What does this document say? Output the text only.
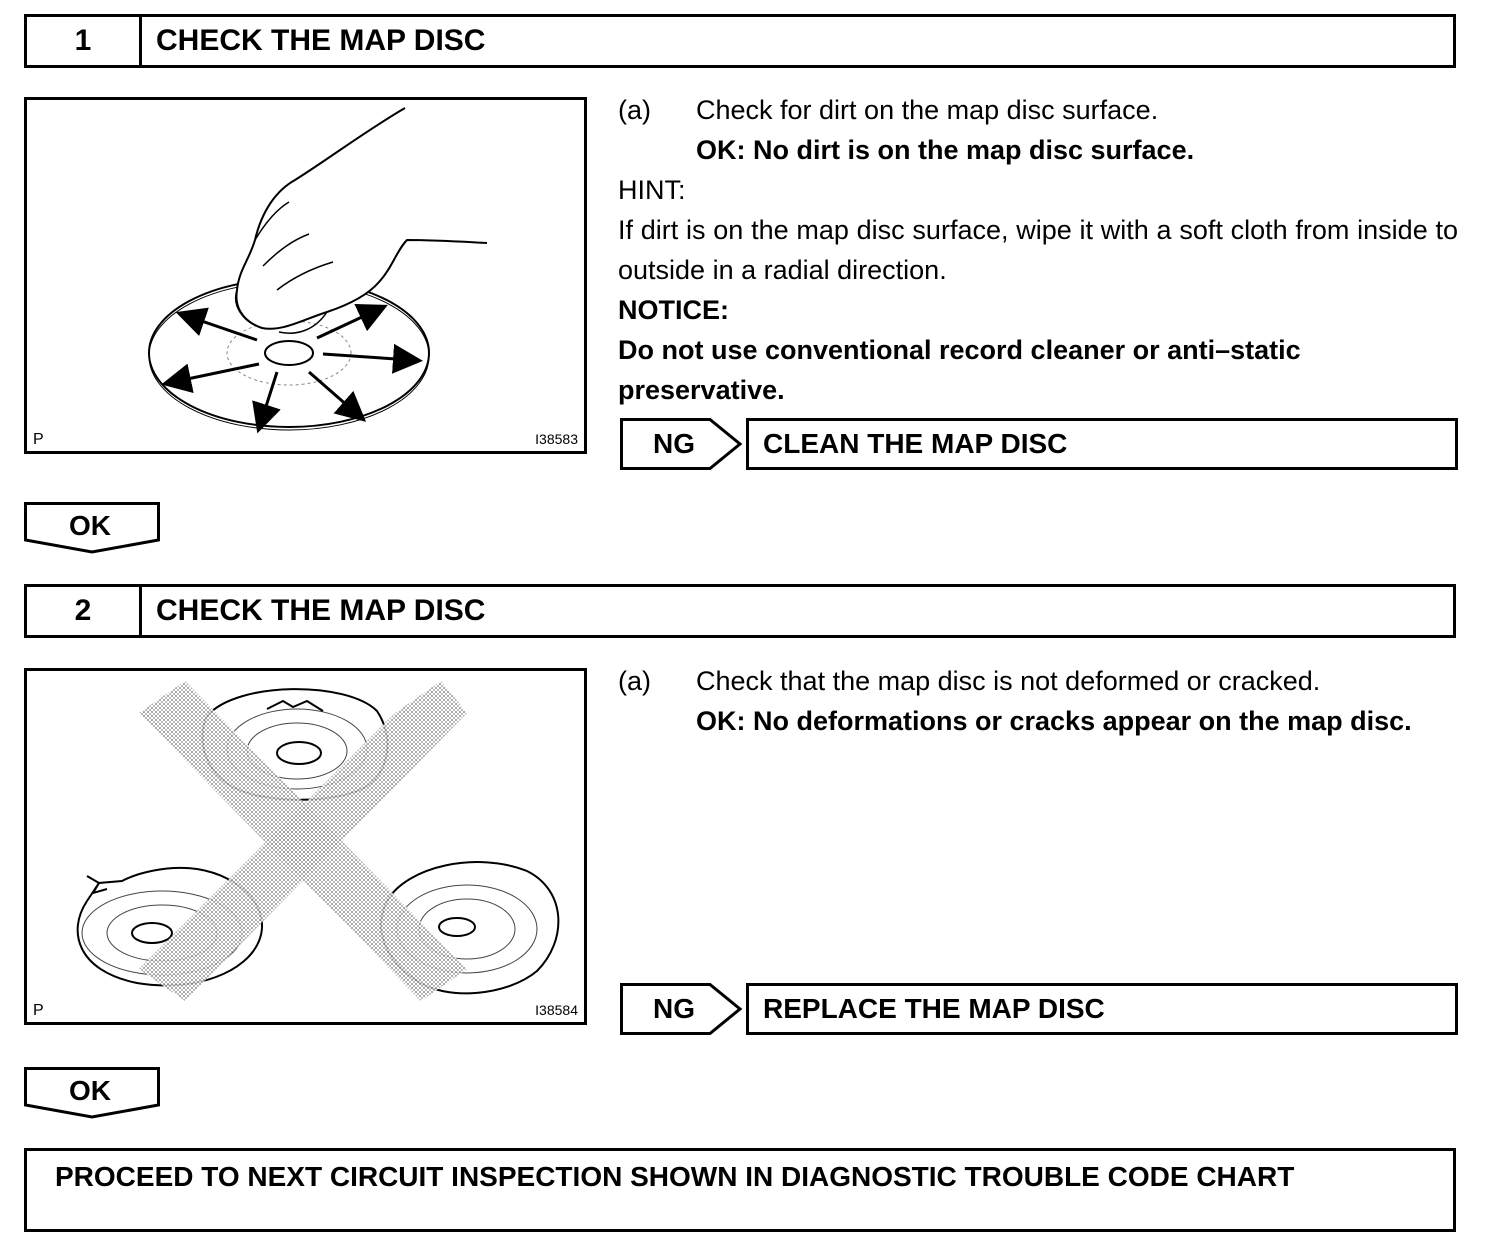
1	CHECK THE MAP DISC
P	I38583
(a)	Check for dirt on the map disc surface.
OK: No dirt is on the map disc surface.
HINT:
If dirt is on the map disc surface, wipe it with a soft cloth from inside to outside in a radial direction.
NOTICE:
Do not use conventional record cleaner or anti–static preservative.
NG	CLEAN THE MAP DISC
OK
2	CHECK THE MAP DISC
P	I38584
(a)	Check that the map disc is not deformed or cracked.
OK: No deformations or cracks appear on the map disc.
NG	REPLACE THE MAP DISC
OK
PROCEED TO NEXT CIRCUIT INSPECTION SHOWN IN DIAGNOSTIC TROUBLE CODE CHART
